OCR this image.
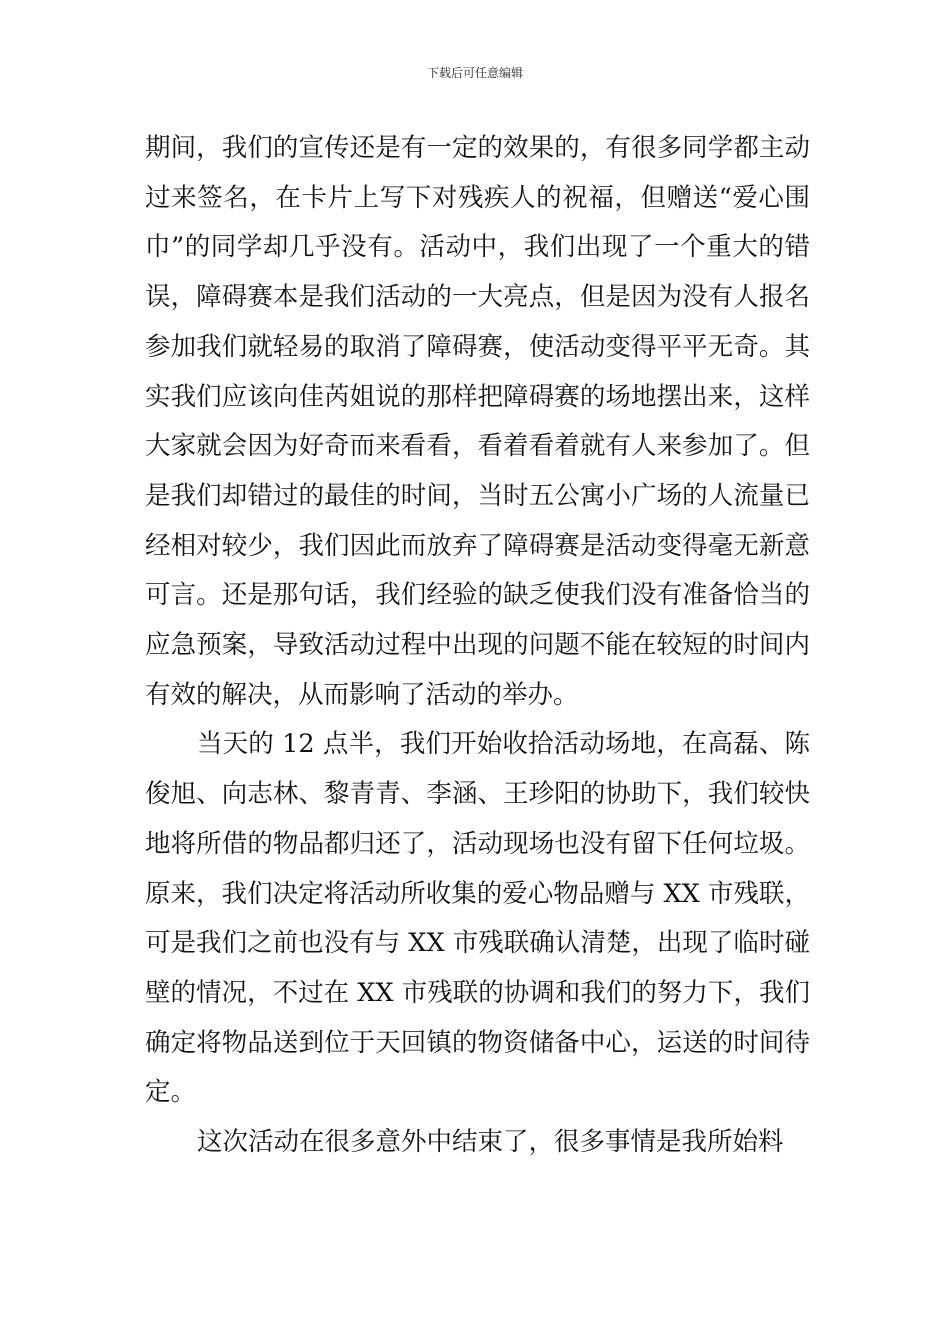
下载后可任意编辑

期间，我们的宣传还是有一定的效果的，有很多同学都主动过来签名，在卡片上写下对残疾人的祝福，但赠送“爱心围巾”的同学却几乎没有。活动中，我们出现了一个重大的错误，障碍赛本是我们活动的一大亮点，但是因为没有人报名参加我们就轻易的取消了障碍赛，使活动变得平平无奇。其实我们应该向佳芮姐说的那样把障碍赛的场地摆出来，这样大家就会因为好奇而来看看，看着看着就有人来参加了。但是我们却错过的最佳的时间，当时五公寓小广场的人流量已经相对较少，我们因此而放弃了障碍赛是活动变得毫无新意可言。还是那句话，我们经验的缺乏使我们没有准备恰当的应急预案，导致活动过程中出现的问题不能在较短的时间内有效的解决，从而影响了活动的举办。

当天的 12 点半，我们开始收拾活动场地，在高磊、陈俊旭、向志林、黎青青、李涵、王珍阳的协助下，我们较快地将所借的物品都归还了，活动现场也没有留下任何垃圾。原来，我们决定将活动所收集的爱心物品赠与 XX 市残联，可是我们之前也没有与 XX 市残联确认清楚，出现了临时碰壁的情况，不过在 XX 市残联的协调和我们的努力下，我们确定将物品送到位于天回镇的物资储备中心，运送的时间待定。

这次活动在很多意外中结束了，很多事情是我所始料
